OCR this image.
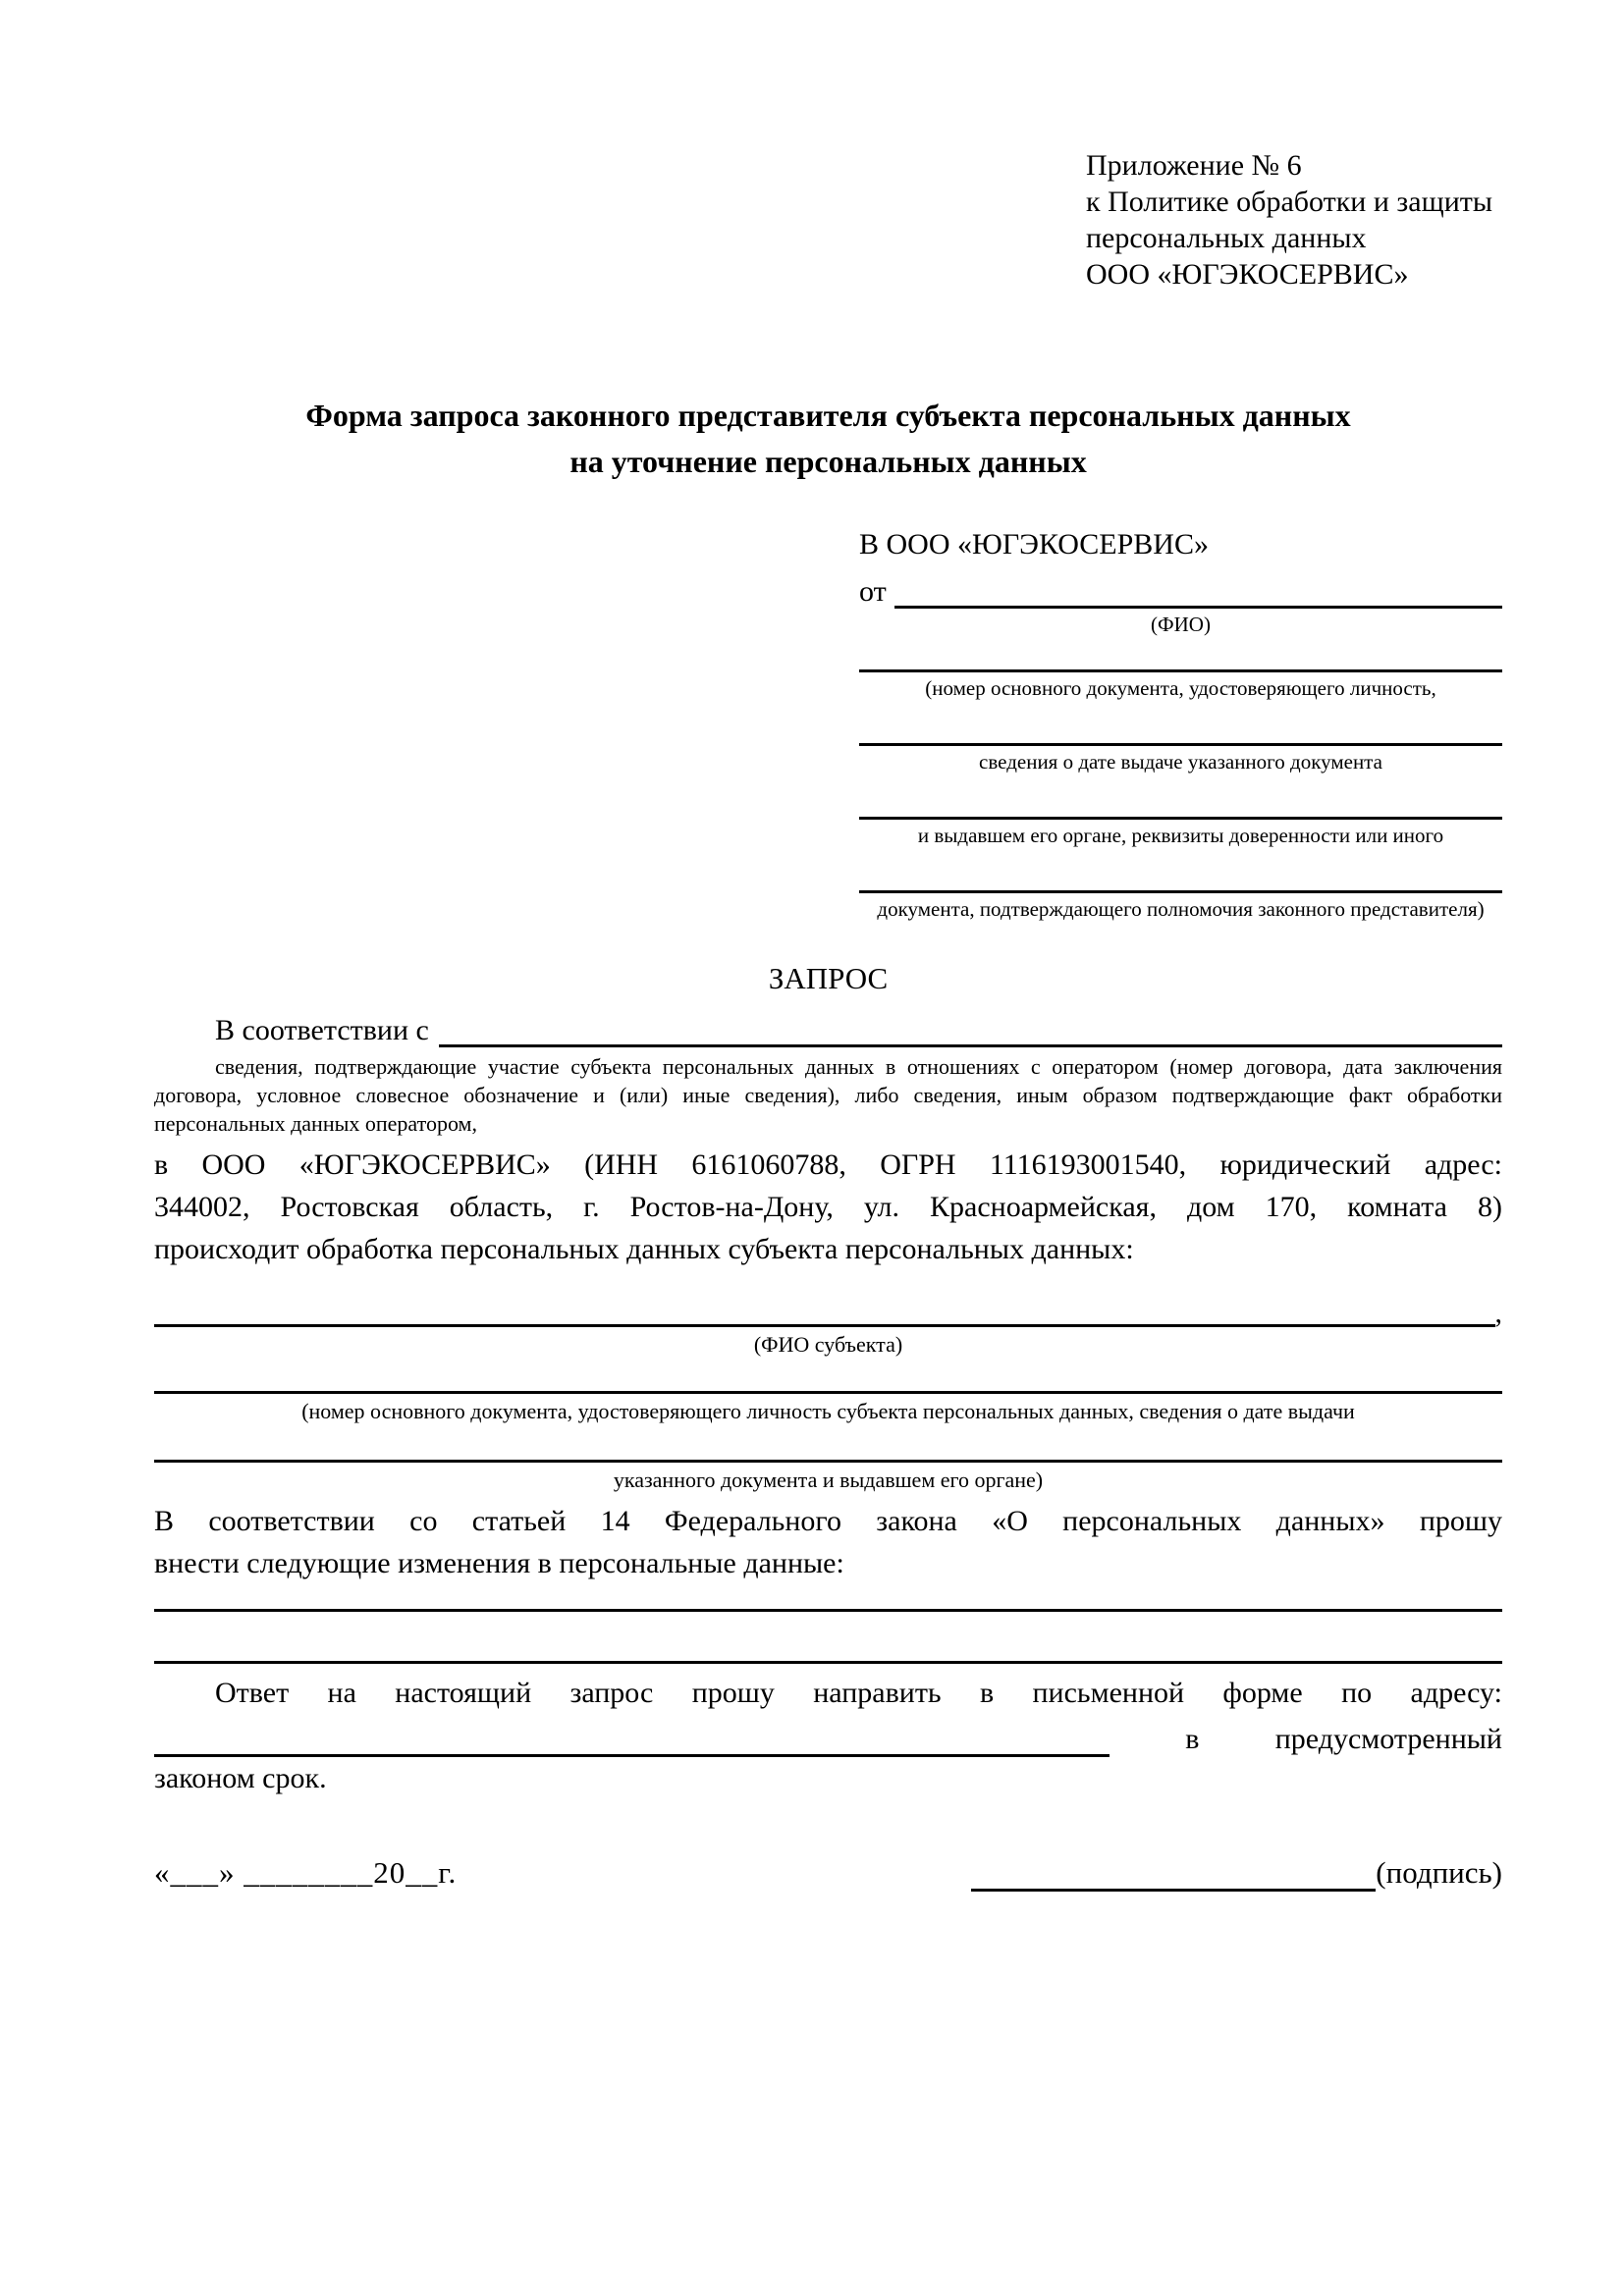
Приложение № 6
к Политике обработки и защиты
персональных данных
ООО «ЮГЭКОСЕРВИС»
Форма запроса законного представителя субъекта персональных данных
на уточнение персональных данных
В ООО «ЮГЭКОСЕРВИС»
от
(ФИО)
(номер основного документа, удостоверяющего личность,
сведения о дате выдаче указанного документа
и выдавшем его органе, реквизиты доверенности или иного
документа, подтверждающего полномочия законного представителя)
ЗАПРОС
В соответствии с
сведения, подтверждающие участие субъекта персональных данных в отношениях с оператором (номер договора, дата заключения договора, условное словесное обозначение и (или) иные сведения), либо сведения, иным образом подтверждающие факт обработки персональных данных оператором,
в ООО «ЮГЭКОСЕРВИС» (ИНН 6161060788, ОГРН 1116193001540, юридический адрес:
344002, Ростовская область, г. Ростов-на-Дону, ул. Красноармейская, дом 170, комната 8)
происходит обработка персональных данных субъекта персональных данных:
,
(ФИО субъекта)
(номер основного документа, удостоверяющего личность субъекта персональных данных, сведения о дате выдачи
указанного документа и выдавшем его органе)
В соответствии со статьей 14 Федерального закона «О персональных данных» прошу
внести следующие изменения в персональные данные:
Ответ на настоящий запрос прошу направить в письменной форме по адресу:
в	предусмотренный
законом срок.
«___» ________20__г.	(подпись)
